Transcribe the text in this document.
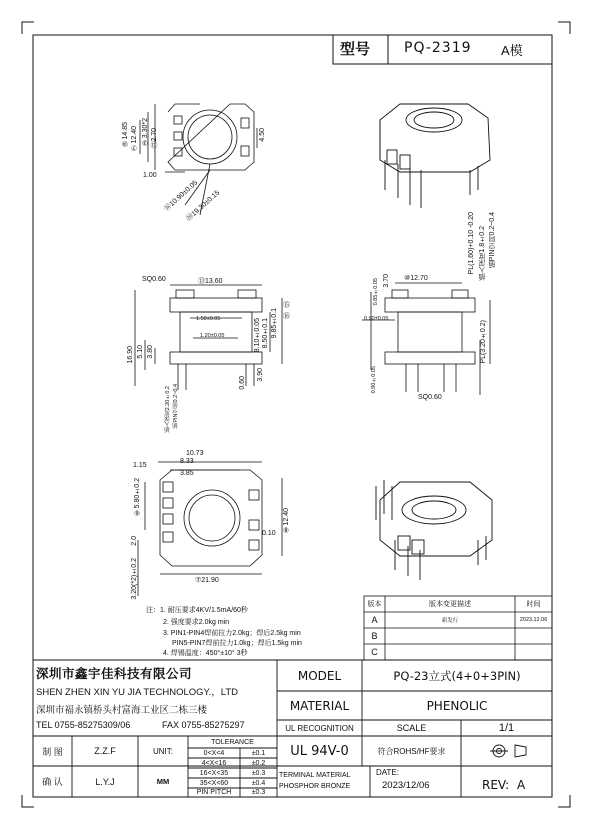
型号 PQ-2319 A模
⑩14.85 ⑦12.40 ③3.30*2 ⑬2.70	4.50
1.00
⑱10.90±0.05
⑳19.30±0.15
SQ0.60	⑬13.60
1.50±0.05
1.20±0.05
⑮
⑯
8.50±0.1
8.10±0.05 9.85±0.1
16.90 5.10 3.80
0.60
3.90
插入深度2.20±0.2 插PIN空间0.2~0.4
⑩12.70
3.70
0.85±0.05
0.90±0.05
0.90±0.05
PL(1.60)+0.10 -0.20 插入深度1.8±0.2 插PIN空间0.2~0.4
PL(3.20±0.2)
SQ0.60
10.73
8.33
3.85
1.15
⑥5.80±0.2
⑧12.40
0.10
2.0
3.20(*2)±0.2	⑦21.90
注：1. 耐压要求4KV/1.5mA/60秒
2. 强度要求2.0kg min
3. PIN1-PIN4焊前拉力2.0kg；焊后2.5kg min
PIN5-PIN7焊前拉力1.0kg；焊后1.5kg min
4. 焊锡温度：450°±10° 3秒
版本	版本变更描述	时间
A	新发行	2023.12.06
B
C
深圳市鑫宇佳科技有限公司
SHEN ZHEN XIN YU JIA TECHNOLOGY.，LTD
深圳市福永镇桥头村富海工业区二栋三楼
TEL 0755-85275309/06	FAX 0755-85275297
MODEL	PQ-23立式(4+0+3PIN)
MATERIAL	PHENOLIC
UL RECOGNITION	SCALE	1/1
UL 94V-0	符合ROHS/HF要求
制 图	Z.Z.F
确 认	L.Y.J
UNIT:
MM
TOLERANCE
0<X<4	±0.1
4<X<16	±0.2
16<X<35	±0.3
35<X<60	±0.4
PIN PITCH	±0.3
TERMINAL MATERIAL
PHOSPHOR BRONZE
DATE:
2023/12/06	REV: A
